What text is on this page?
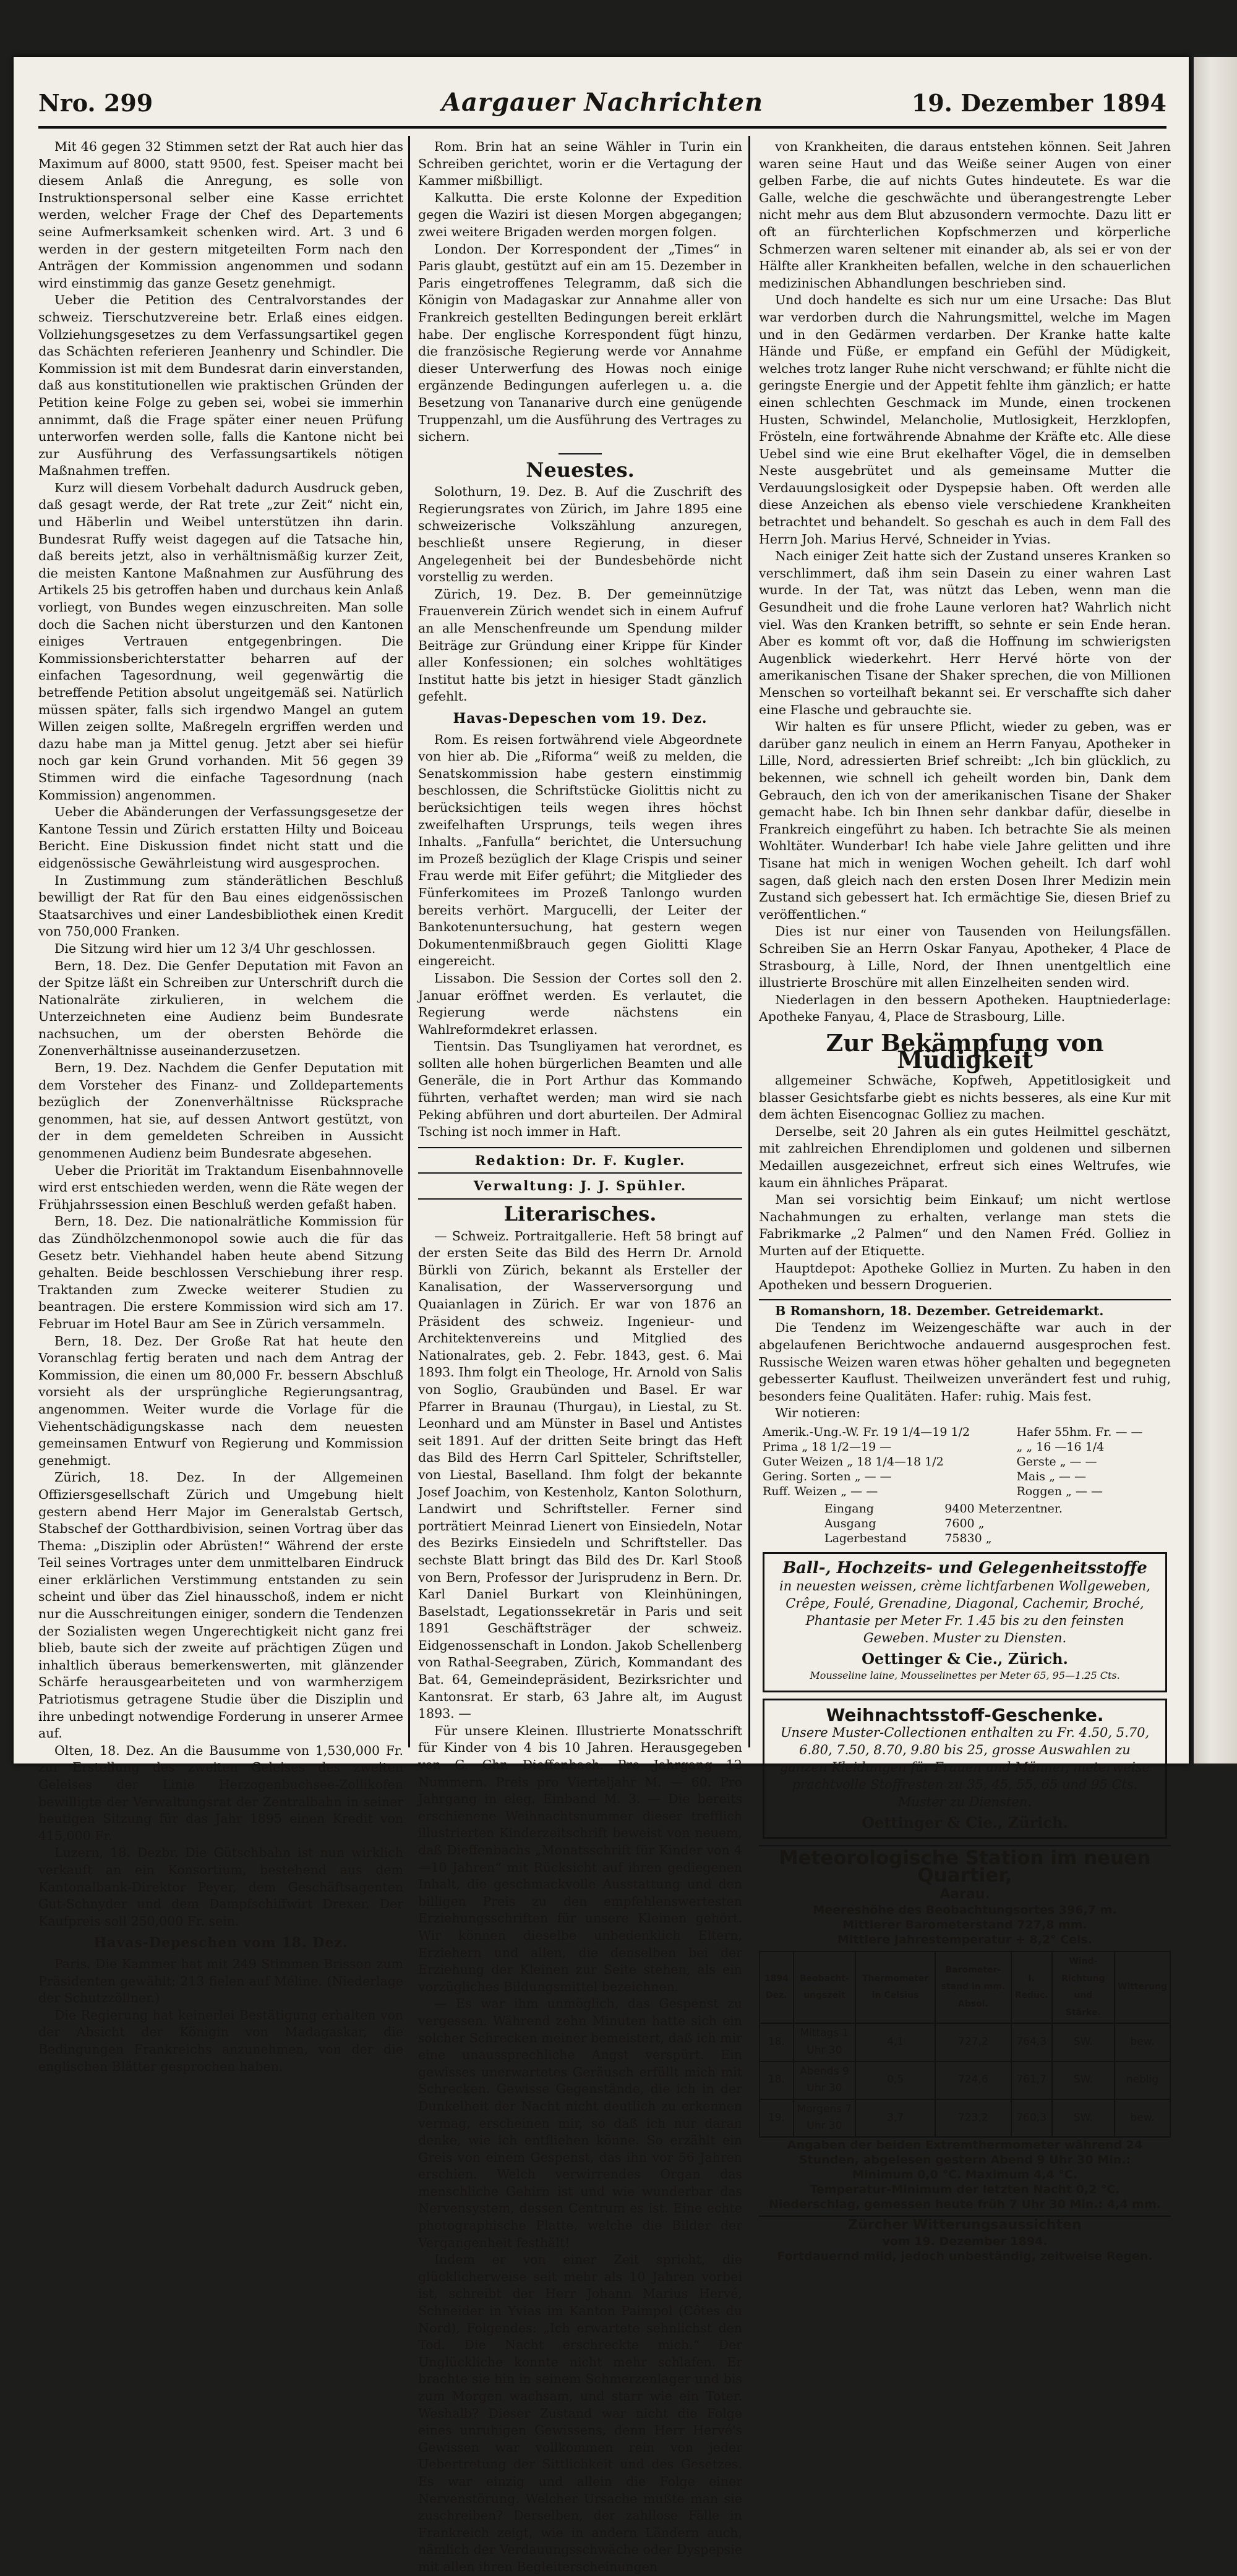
Nro. 299	Aargauer Nachrichten	19. Dezember 1894

Mit 46 gegen 32 Stimmen setzt der Rat auch hier das Maximum auf 8000, statt 9500, fest. Speiser macht bei diesem Anlaß die Anregung, es solle von Instruktionspersonal selber eine Kasse errichtet werden, welcher Frage der Chef des Departements seine Aufmerksamkeit schenken wird. Art. 3 und 6 werden in der gestern mitgeteilten Form nach den Anträgen der Kommission angenommen und sodann wird einstimmig das ganze Gesetz genehmigt.

Ueber die Petition des Centralvorstandes der schweiz. Tierschutzvereine betr. Erlaß eines eidgen. Vollziehungsgesetzes zu dem Verfassungsartikel gegen das Schächten referieren Jeanhenry und Schindler. Die Kommission ist mit dem Bundesrat darin einverstanden, daß aus konstitutionellen wie praktischen Gründen der Petition keine Folge zu geben sei, wobei sie immerhin annimmt, daß die Frage später einer neuen Prüfung unterworfen werden solle, falls die Kantone nicht bei zur Ausführung des Verfassungsartikels nötigen Maßnahmen treffen.

Kurz will diesem Vorbehalt dadurch Ausdruck geben, daß gesagt werde, der Rat trete „zur Zeit“ nicht ein, und Häberlin und Weibel unterstützen ihn darin. Bundesrat Ruffy weist dagegen auf die Tatsache hin, daß bereits jetzt, also in verhältnismäßig kurzer Zeit, die meisten Kantone Maßnahmen zur Ausführung des Artikels 25 bis getroffen haben und durchaus kein Anlaß vorliegt, von Bundes wegen einzuschreiten. Man solle doch die Sachen nicht übersturzen und den Kantonen einiges Vertrauen entgegenbringen. Die Kommissionsberichterstatter beharren auf der einfachen Tagesordnung, weil gegenwärtig die betreffende Petition absolut ungeitgemäß sei. Natürlich müssen später, falls sich irgendwo Mangel an gutem Willen zeigen sollte, Maßregeln ergriffen werden und dazu habe man ja Mittel genug. Jetzt aber sei hiefür noch gar kein Grund vorhanden. Mit 56 gegen 39 Stimmen wird die einfache Tagesordnung (nach Kommission) angenommen.

Ueber die Abänderungen der Verfassungsgesetze der Kantone Tessin und Zürich erstatten Hilty und Boiceau Bericht. Eine Diskussion findet nicht statt und die eidgenössische Gewährleistung wird ausgesprochen.

In Zustimmung zum ständerätlichen Beschluß bewilligt der Rat für den Bau eines eidgenössischen Staatsarchives und einer Landesbibliothek einen Kredit von 750,000 Franken.

Die Sitzung wird hier um 12 3/4 Uhr geschlossen.

Bern, 18. Dez. Die Genfer Deputation mit Favon an der Spitze läßt ein Schreiben zur Unterschrift durch die Nationalräte zirkulieren, in welchem die Unterzeichneten eine Audienz beim Bundesrate nachsuchen, um der obersten Behörde die Zonenverhältnisse auseinanderzusetzen.

Bern, 19. Dez. Nachdem die Genfer Deputation mit dem Vorsteher des Finanz- und Zolldepartements bezüglich der Zonenverhältnisse Rücksprache genommen, hat sie, auf dessen Antwort gestützt, von der in dem gemeldeten Schreiben in Aussicht genommenen Audienz beim Bundesrate abgesehen.

Ueber die Priorität im Traktandum Eisenbahnnovelle wird erst entschieden werden, wenn die Räte wegen der Frühjahrssession einen Beschluß werden gefaßt haben.

Bern, 18. Dez. Die nationalrätliche Kommission für das Zündhölzchenmonopol sowie auch die für das Gesetz betr. Viehhandel haben heute abend Sitzung gehalten. Beide beschlossen Verschiebung ihrer resp. Traktanden zum Zwecke weiterer Studien zu beantragen. Die erstere Kommission wird sich am 17. Februar im Hotel Baur am See in Zürich versammeln.

Bern, 18. Dez. Der Große Rat hat heute den Voranschlag fertig beraten und nach dem Antrag der Kommission, die einen um 80,000 Fr. bessern Abschluß vorsieht als der ursprüngliche Regierungsantrag, angenommen. Weiter wurde die Vorlage für die Viehentschädigungskasse nach dem neuesten gemeinsamen Entwurf von Regierung und Kommission genehmigt.

Zürich, 18. Dez. In der Allgemeinen Offiziersgesellschaft Zürich und Umgebung hielt gestern abend Herr Major im Generalstab Gertsch, Stabschef der Gotthardbivision, seinen Vortrag über das Thema: „Disziplin oder Abrüsten!“ Während der erste Teil seines Vortrages unter dem unmittelbaren Eindruck einer erklärlichen Verstimmung entstanden zu sein scheint und über das Ziel hinausschoß, indem er nicht nur die Ausschreitungen einiger, sondern die Tendenzen der Sozialisten wegen Ungerechtigkeit nicht ganz frei blieb, baute sich der zweite auf prächtigen Zügen und inhaltlich überaus bemerkenswerten, mit glänzender Schärfe herausgearbeiteten und von warmherzigem Patriotismus getragene Studie über die Disziplin und ihre unbedingt notwendige Forderung in unserer Armee auf.

Olten, 18. Dez. An die Bausumme von 1,530,000 Fr. zur Erstellung des zweiten Geleises des zweiten Geleises der Linie Herzogenbuchsee-Zollikofen bewilligte der Verwaltungsrat der Zentralbahn in seiner heutigen Sitzung für das Jahr 1895 einen Kredit von 415,000 Fr.

Luzern, 18. Dezbr. Die Gütschbahn ist nun wirklich verkauft an ein Konsortium, bestehend aus dem Kantonalbank-Direktor Peyer, dem Geschäftsagenten Gut-Schnyder und dem Dampfschiffwirt Drexer. Der Kaufpreis soll 250,000 Fr. sein.

Havas-Depeschen vom 18. Dez.

Paris. Die Kammer hat mit 249 Stimmen Brisson zum Präsidenten gewählt; 213 fielen auf Méline. (Niederlage der Schutzzöllner.)

Die Regierung hat keinerlei Bestätigung erhalten von der Absicht der Königin von Madagaskar, die Bedingungen Frankreichs anzunehmen, von der die englischen Blätter gesprochen haben.

Rom. Brin hat an seine Wähler in Turin ein Schreiben gerichtet, worin er die Vertagung der Kammer mißbilligt.

Kalkutta. Die erste Kolonne der Expedition gegen die Waziri ist diesen Morgen abgegangen; zwei weitere Brigaden werden morgen folgen.

London. Der Korrespondent der „Times“ in Paris glaubt, gestützt auf ein am 15. Dezember in Paris eingetroffenes Telegramm, daß sich die Königin von Madagaskar zur Annahme aller von Frankreich gestellten Bedingungen bereit erklärt habe. Der englische Korrespondent fügt hinzu, die französische Regierung werde vor Annahme dieser Unterwerfung des Howas noch einige ergänzende Bedingungen auferlegen u. a. die Besetzung von Tananarive durch eine genügende Truppenzahl, um die Ausführung des Vertrages zu sichern.

Neuestes.

Solothurn, 19. Dez. B. Auf die Zuschrift des Regierungsrates von Zürich, im Jahre 1895 eine schweizerische Volkszählung anzuregen, beschließt unsere Regierung, in dieser Angelegenheit bei der Bundesbehörde nicht vorstellig zu werden.

Zürich, 19. Dez. B. Der gemeinnützige Frauenverein Zürich wendet sich in einem Aufruf an alle Menschenfreunde um Spendung milder Beiträge zur Gründung einer Krippe für Kinder aller Konfessionen; ein solches wohltätiges Institut hatte bis jetzt in hiesiger Stadt gänzlich gefehlt.

Havas-Depeschen vom 19. Dez.

Rom. Es reisen fortwährend viele Abgeordnete von hier ab. Die „Riforma“ weiß zu melden, die Senatskommission habe gestern einstimmig beschlossen, die Schriftstücke Giolittis nicht zu berücksichtigen teils wegen ihres höchst zweifelhaften Ursprungs, teils wegen ihres Inhalts. „Fanfulla“ berichtet, die Untersuchung im Prozeß bezüglich der Klage Crispis und seiner Frau werde mit Eifer geführt; die Mitglieder des Fünferkomitees im Prozeß Tanlongo wurden bereits verhört. Margucelli, der Leiter der Bankotenuntersuchung, hat gestern wegen Dokumentenmißbrauch gegen Giolitti Klage eingereicht.

Lissabon. Die Session der Cortes soll den 2. Januar eröffnet werden. Es verlautet, die Regierung werde nächstens ein Wahlreformdekret erlassen.

Tientsin. Das Tsungliyamen hat verordnet, es sollten alle hohen bürgerlichen Beamten und alle Generäle, die in Port Arthur das Kommando führten, verhaftet werden; man wird sie nach Peking abführen und dort aburteilen. Der Admiral Tsching ist noch immer in Haft.

Redaktion: Dr. F. Kugler.
Verwaltung: J. J. Spühler.
Literarisches.

— Schweiz. Portraitgallerie. Heft 58 bringt auf der ersten Seite das Bild des Herrn Dr. Arnold Bürkli von Zürich, bekannt als Ersteller der Kanalisation, der Wasserversorgung und Quaianlagen in Zürich. Er war von 1876 an Präsident des schweiz. Ingenieur- und Architektenvereins und Mitglied des Nationalrates, geb. 2. Febr. 1843, gest. 6. Mai 1893. Ihm folgt ein Theologe, Hr. Arnold von Salis von Soglio, Graubünden und Basel. Er war Pfarrer in Braunau (Thurgau), in Liestal, zu St. Leonhard und am Münster in Basel und Antistes seit 1891. Auf der dritten Seite bringt das Heft das Bild des Herrn Carl Spitteler, Schriftsteller, von Liestal, Baselland. Ihm folgt der bekannte Josef Joachim, von Kestenholz, Kanton Solothurn, Landwirt und Schriftsteller. Ferner sind porträtiert Meinrad Lienert von Einsiedeln, Notar des Bezirks Einsiedeln und Schriftsteller. Das sechste Blatt bringt das Bild des Dr. Karl Stooß von Bern, Professor der Jurisprudenz in Bern. Dr. Karl Daniel Burkart von Kleinhüningen, Baselstadt, Legationssekretär in Paris und seit 1891 Geschäftsträger der schweiz. Eidgenossenschaft in London. Jakob Schellenberg von Rathal-Seegraben, Zürich, Kommandant des Bat. 64, Gemeindepräsident, Bezirksrichter und Kantonsrat. Er starb, 63 Jahre alt, im August 1893. —

Für unsere Kleinen. Illustrierte Monatsschrift für Kinder von 4 bis 10 Jahren. Herausgegeben von G. Chr. Dieffenbach. Pro Jahrgang 12 Nummern. Preis pro Vierteljahr M. — 60. Pro Jahrgang in eleg. Einband M. 3. — Die bereits erschienene Weihnachtsnummer dieser trefflich illustrierten Kinderzeitschrift beweist von neuem, daß Dieffenbachs „Monatsschrift für Kinder von 4—10 Jahren“ mit Rücksicht auf ihren gediegenen Inhalt, die geschmackvolle Ausstattung und den billigen Preis zu den empfehlenswertesten Erziehungsschriften für unsere Kleinen gehört. Wir können dieselbe unbedenklich Eltern, Erziehern und allen, die denselben bei der Erziehung der Kleinen zur Seite stehen, als ein vorzügliches Bildungsmittel bezeichnen.

— Es war ihm unmöglich, das Gespenst zu vergessen. Während zehn Minuten hatte sich ein solcher Schrecken meiner bemeistert, daß ich mir eine unaussprechliche Angst verspürt. Ein gewisses unerwartetes Geräusch erfüllt mich mit Schrecken. Gewisse Gegenstände, die ich in der Dunkelheit der Nacht nicht deutlich zu erkennen vermag, erscheinen mir, so daß ich nur daran denke, wie ich entfliehen könne. So erzählt ein Greis von einem Gespenst, das ihn vor 56 Jahren erschien. Welch verwirrendes Organ das menschliche Gehirn ist und wie wunderbar das Nervensystem, dessen Centrum es ist. Eine echte photographische Platte, welche die Bilder der Vergangenheit festhält!

Indem er von einer Zeit spricht, die glücklicherweise seit mehr als 10 Jahren vorbei ist, schreibt der Herr Johann Marius Hervé, Schneider in Yvias im Kanton Paimpol (Côtes du Nord), Folgendes: „Ich erwartete sehnlichst den Tod. Die Nacht erschreckte mich.“ Der Unglückliche konnte nicht mehr schlafen. Er brachte sie hin in seinem Schmerzenlager und bis zum Morgen wachsam, und starr wie ein Toter. Weshalb? Dieser Zustand war nicht die Folge eines unruhigen Gewissens, denn Herr Hervé's Gewissen war vollkommen rein von jeder Uebertretung der Sittlichkeit und des Gesetzes. Es war einzig und allein die Folge einer Nervenstörung. Welcher Ursache mußte man sie zuschreiben? Derselben, der zahllose Fälle in Frankreich zeigt, wie in andern Ländern auch, nämlich der Verdauungsschwäche oder Dyspepsie mit allen ihren Begleiterscheinungen

von Krankheiten, die daraus entstehen können. Seit Jahren waren seine Haut und das Weiße seiner Augen von einer gelben Farbe, die auf nichts Gutes hindeutete. Es war die Galle, welche die geschwächte und überangestrengte Leber nicht mehr aus dem Blut abzusondern vermochte. Dazu litt er oft an fürchterlichen Kopfschmerzen und körperliche Schmerzen waren seltener mit einander ab, als sei er von der Hälfte aller Krankheiten befallen, welche in den schauerlichen medizinischen Abhandlungen beschrieben sind.

Und doch handelte es sich nur um eine Ursache: Das Blut war verdorben durch die Nahrungsmittel, welche im Magen und in den Gedärmen verdarben. Der Kranke hatte kalte Hände und Füße, er empfand ein Gefühl der Müdigkeit, welches trotz langer Ruhe nicht verschwand; er fühlte nicht die geringste Energie und der Appetit fehlte ihm gänzlich; er hatte einen schlechten Geschmack im Munde, einen trockenen Husten, Schwindel, Melancholie, Mutlosigkeit, Herzklopfen, Frösteln, eine fortwährende Abnahme der Kräfte etc. Alle diese Uebel sind wie eine Brut ekelhafter Vögel, die in demselben Neste ausgebrütet und als gemeinsame Mutter die Verdauungslosigkeit oder Dyspepsie haben. Oft werden alle diese Anzeichen als ebenso viele verschiedene Krankheiten betrachtet und behandelt. So geschah es auch in dem Fall des Herrn Joh. Marius Hervé, Schneider in Yvias.

Nach einiger Zeit hatte sich der Zustand unseres Kranken so verschlimmert, daß ihm sein Dasein zu einer wahren Last wurde. In der Tat, was nützt das Leben, wenn man die Gesundheit und die frohe Laune verloren hat? Wahrlich nicht viel. Was den Kranken betrifft, so sehnte er sein Ende heran. Aber es kommt oft vor, daß die Hoffnung im schwierigsten Augenblick wiederkehrt. Herr Hervé hörte von der amerikanischen Tisane der Shaker sprechen, die von Millionen Menschen so vorteilhaft bekannt sei. Er verschaffte sich daher eine Flasche und gebrauchte sie.

Wir halten es für unsere Pflicht, wieder zu geben, was er darüber ganz neulich in einem an Herrn Fanyau, Apotheker in Lille, Nord, adressierten Brief schreibt: „Ich bin glücklich, zu bekennen, wie schnell ich geheilt worden bin, Dank dem Gebrauch, den ich von der amerikanischen Tisane der Shaker gemacht habe. Ich bin Ihnen sehr dankbar dafür, dieselbe in Frankreich eingeführt zu haben. Ich betrachte Sie als meinen Wohltäter. Wunderbar! Ich habe viele Jahre gelitten und ihre Tisane hat mich in wenigen Wochen geheilt. Ich darf wohl sagen, daß gleich nach den ersten Dosen Ihrer Medizin mein Zustand sich gebessert hat. Ich ermächtige Sie, diesen Brief zu veröffentlichen.“

Dies ist nur einer von Tausenden von Heilungsfällen. Schreiben Sie an Herrn Oskar Fanyau, Apotheker, 4 Place de Strasbourg, à Lille, Nord, der Ihnen unentgeltlich eine illustrierte Broschüre mit allen Einzelheiten senden wird.

Niederlagen in den bessern Apotheken. Hauptniederlage: Apotheke Fanyau, 4, Place de Strasbourg, Lille.

Zur Bekämpfung von Müdigkeit

allgemeiner Schwäche, Kopfweh, Appetitlosigkeit und blasser Gesichtsfarbe giebt es nichts besseres, als eine Kur mit dem ächten Eisencognac Golliez zu machen.

Derselbe, seit 20 Jahren als ein gutes Heilmittel geschätzt, mit zahlreichen Ehrendiplomen und goldenen und silbernen Medaillen ausgezeichnet, erfreut sich eines Weltrufes, wie kaum ein ähnliches Präparat.

Man sei vorsichtig beim Einkauf; um nicht wertlose Nachahmungen zu erhalten, verlange man stets die Fabrikmarke „2 Palmen“ und den Namen Fréd. Golliez in Murten auf der Etiquette.

Hauptdepot: Apotheke Golliez in Murten. Zu haben in den Apotheken und bessern Droguerien.

B Romanshorn, 18. Dezember. Getreidemarkt.

Die Tendenz im Weizengeschäfte war auch in der abgelaufenen Berichtwoche andauernd ausgesprochen fest. Russische Weizen waren etwas höher gehalten und begegneten gebesserter Kauflust. Theilweizen unverändert fest und ruhig, besonders feine Qualitäten. Hafer: ruhig. Mais fest.

Wir notieren:

Amerik.-Ung.-W. Fr. 19 1/4—19 1/2	Hafer 55hm. Fr. — —
Prima „ 18 1/2—19 —	„ „ 16 —16 1/4
Guter Weizen „ 18 1/4—18 1/2	Gerste „ — —
Gering. Sorten „ — —	Mais „ — —
Ruff. Weizen „ — —	Roggen „ — —
Eingang	9400 Meterzentner.
Ausgang	7600 „
Lagerbestand	75830 „
Ball-, Hochzeits- und Gelegenheitsstoffe
in neuesten weissen, crème lichtfarbenen Wollgeweben, Crêpe, Foulé, Grenadine, Diagonal, Cachemir, Broché, Phantasie per Meter Fr. 1.45 bis zu den feinsten Geweben. Muster zu Diensten.
Oettinger & Cie., Zürich.
Mousseline laine, Mousselinettes per Meter 65, 95—1.25 Cts.
Weihnachtsstoff-Geschenke.
Unsere Muster-Collectionen enthalten zu Fr. 4.50, 5.70, 6.80, 7.50, 8.70, 9.80 bis 25, grosse Auswahlen zu ganzen Kleidungen für Frauen und Männer, meterweise prachtvolle Stoffresten zu 35, 45, 55, 65 und 95 Cts. Muster zu Diensten.
Oettinger & Cie., Zürich.
Meteorologische Station im neuen Quartier,
Aarau.
Meereshöhe des Beobachtungsortes 396,7 m.
Mittlerer Barometerstand 727,8 mm.
Mittlere Jahrestemperatur + 8,2° Cels.
1894 Dez.	Beobacht-ungszeit	Thermometer in Celsius	Barometer-stand in mm. Absol.	I. Reduc.	Wind-Richtung und Stärke.	Witterung
18.	Mittags 1 Uhr 30	4,1	727,2	764,3	SW.	bew.
18.	Abends 9 Uhr 30	0,5	724,6	761,7	SW.	neblig
19.	Morgens 7 Uhr 30	3,7	723,2	760,3	SW.	bew.
Angaben der beiden Extremthermometer während 24 Stunden, abgelesen gestern Abend 9 Uhr 30 Min.:
Minimum 0,0 °C. Maximum 4,4 °C.
Temperatur-Minimum der letzten Nacht 0,2 °C.
Niederschlag, gemessen heute früh 7 Uhr 30 Min.: 4,4 mm.
Zürcher Witterungsaussichten
vom 19. Dezember 1894.
Fortdauernd mild, jedoch unbeständig, zeitweise Regen.
